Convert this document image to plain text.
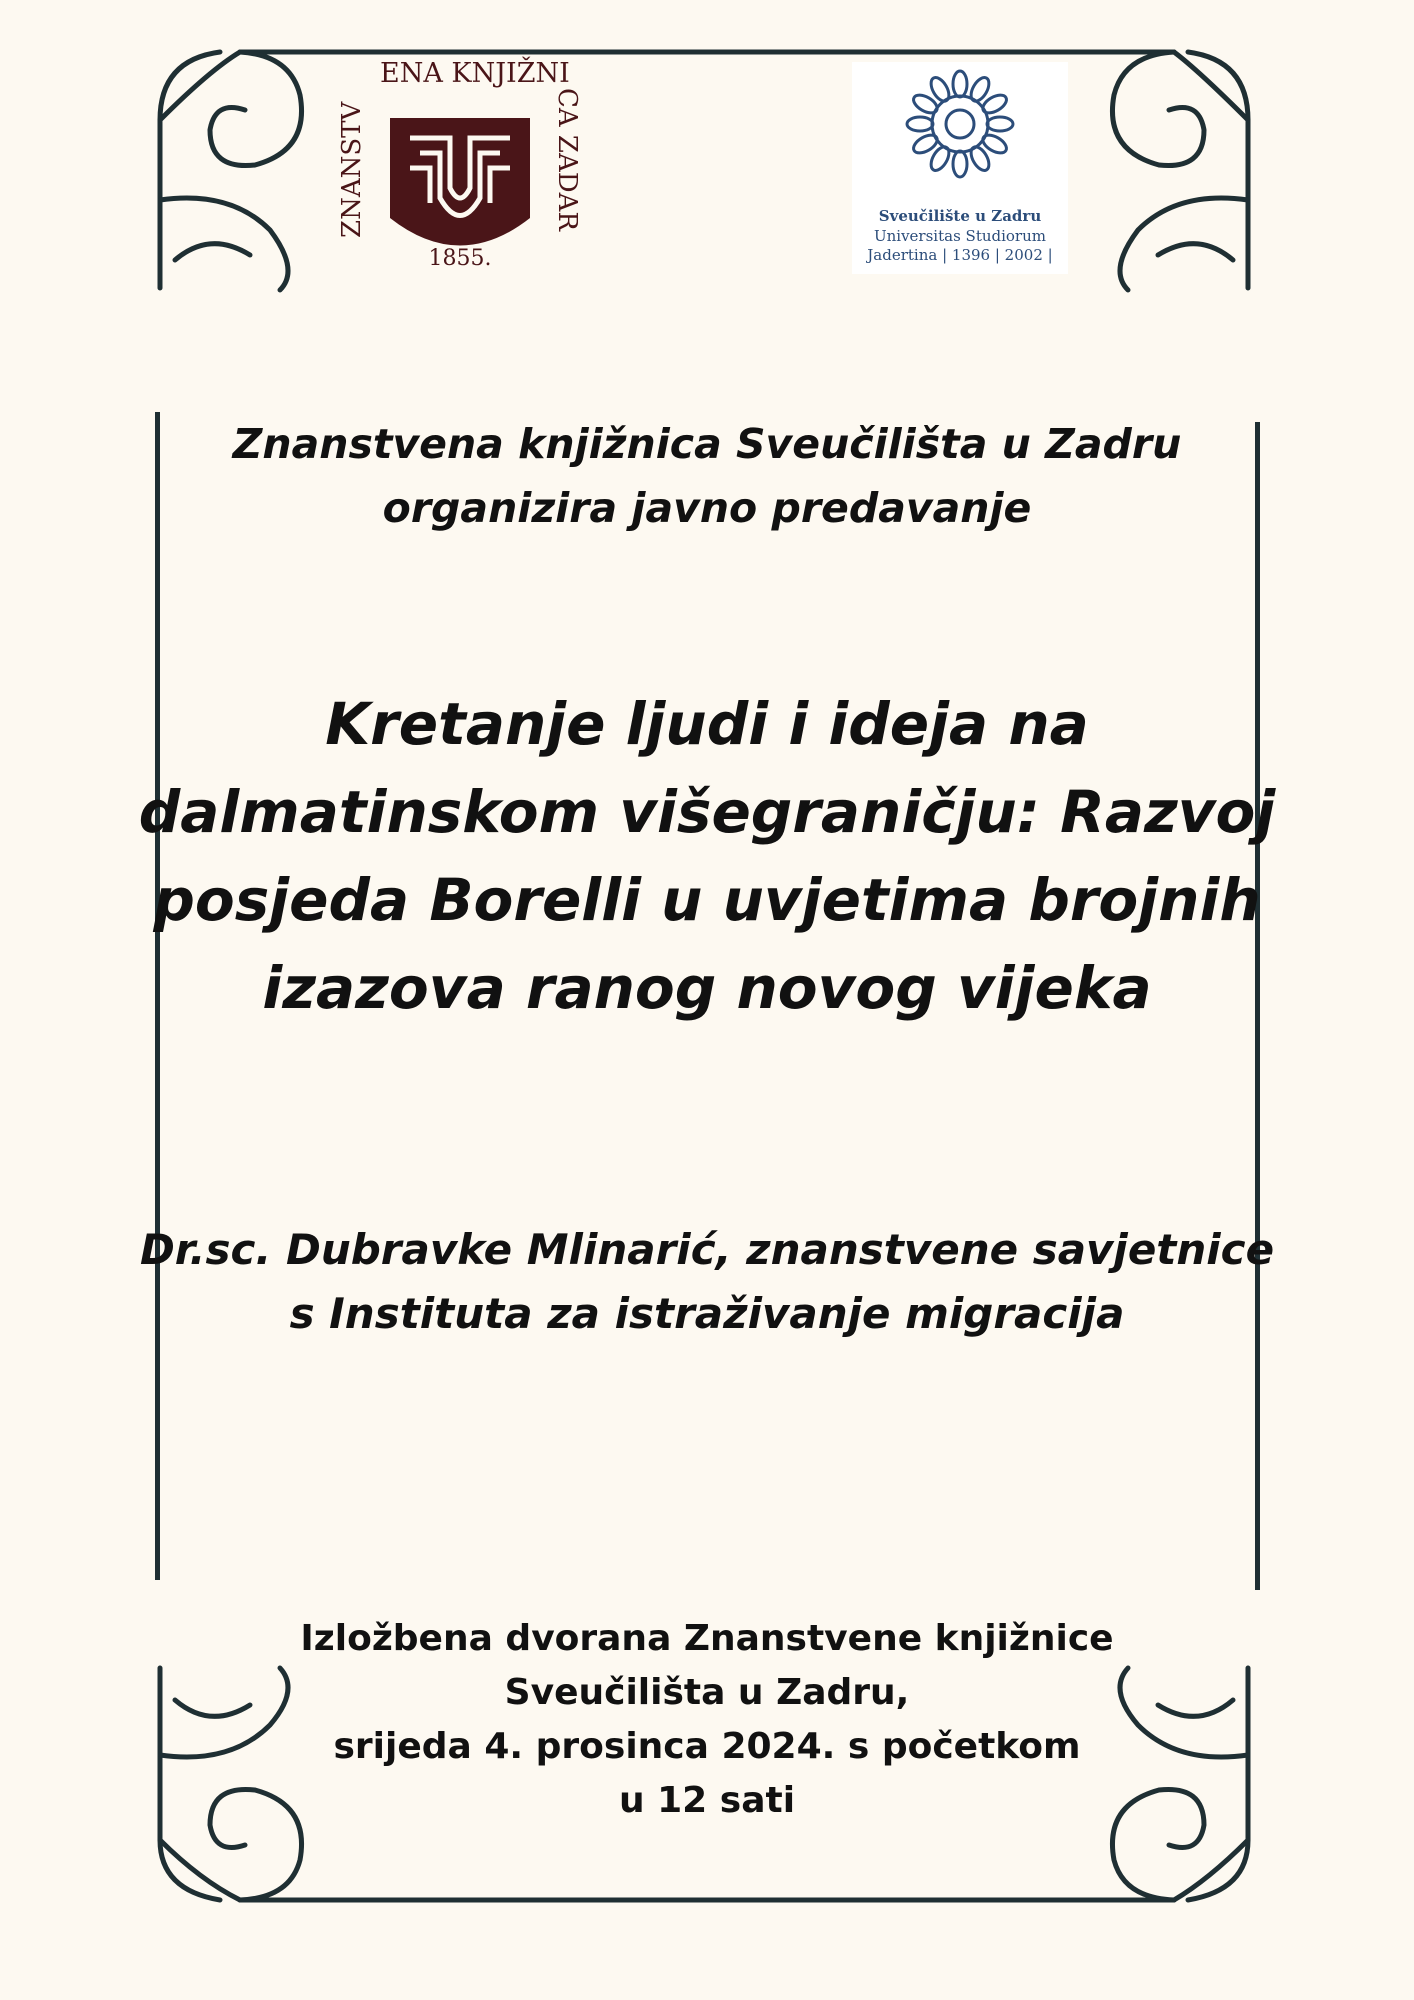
ENA KNJIŽNI
ZNANSTV	CA ZADAR
1855.
Sveučilište u Zadru
Universitas Studiorum
Jadertina | 1396 | 2002 |
Znanstvena knjižnica Sveučilišta u Zadru
organizira javno predavanje
Kretanje ljudi i ideja na
dalmatinskom višegraničju: Razvoj
posjeda Borelli u uvjetima brojnih
izazova ranog novog vijeka
Dr.sc. Dubravke Mlinarić, znanstvene savjetnice
s Instituta za istraživanje migracija
Izložbena dvorana Znanstvene knjižnice
Sveučilišta u Zadru,
srijeda 4. prosinca 2024. s početkom
u 12 sati
